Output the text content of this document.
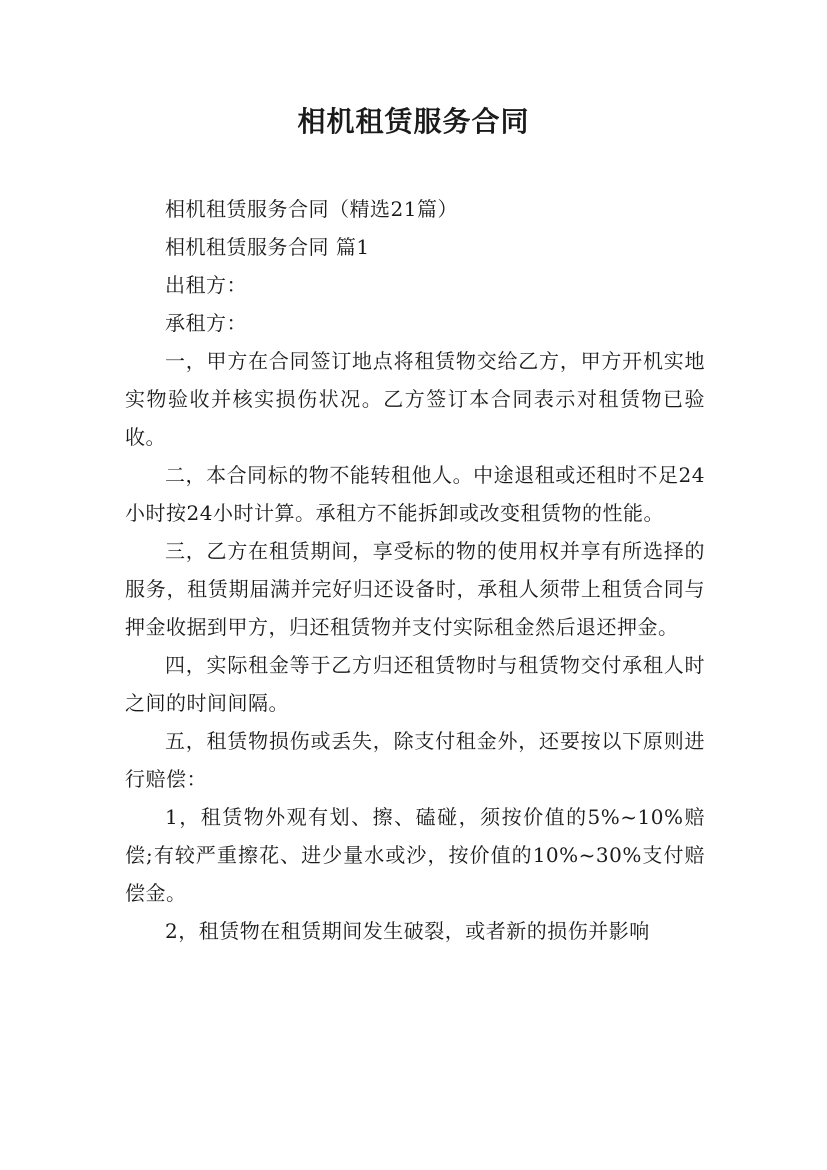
相机租赁服务合同

相机租赁服务合同（精选21篇）

相机租赁服务合同 篇1

出租方：

承租方：

一，甲方在合同签订地点将租赁物交给乙方，甲方开机实地实物验收并核实损伤状况。乙方签订本合同表示对租赁物已验收。

二，本合同标的物不能转租他人。中途退租或还租时不足24小时按24小时计算。承租方不能拆卸或改变租赁物的性能。

三，乙方在租赁期间，享受标的物的使用权并享有所选择的服务，租赁期届满并完好归还设备时，承租人须带上租赁合同与押金收据到甲方，归还租赁物并支付实际租金然后退还押金。

四，实际租金等于乙方归还租赁物时与租赁物交付承租人时之间的时间间隔。

五，租赁物损伤或丢失，除支付租金外，还要按以下原则进行赔偿：

1，租赁物外观有划、擦、磕碰，须按价值的5%~10%赔偿;有较严重擦花、进少量水或沙，按价值的10%~30%支付赔偿金。

2，租赁物在租赁期间发生破裂，或者新的损伤并影响
